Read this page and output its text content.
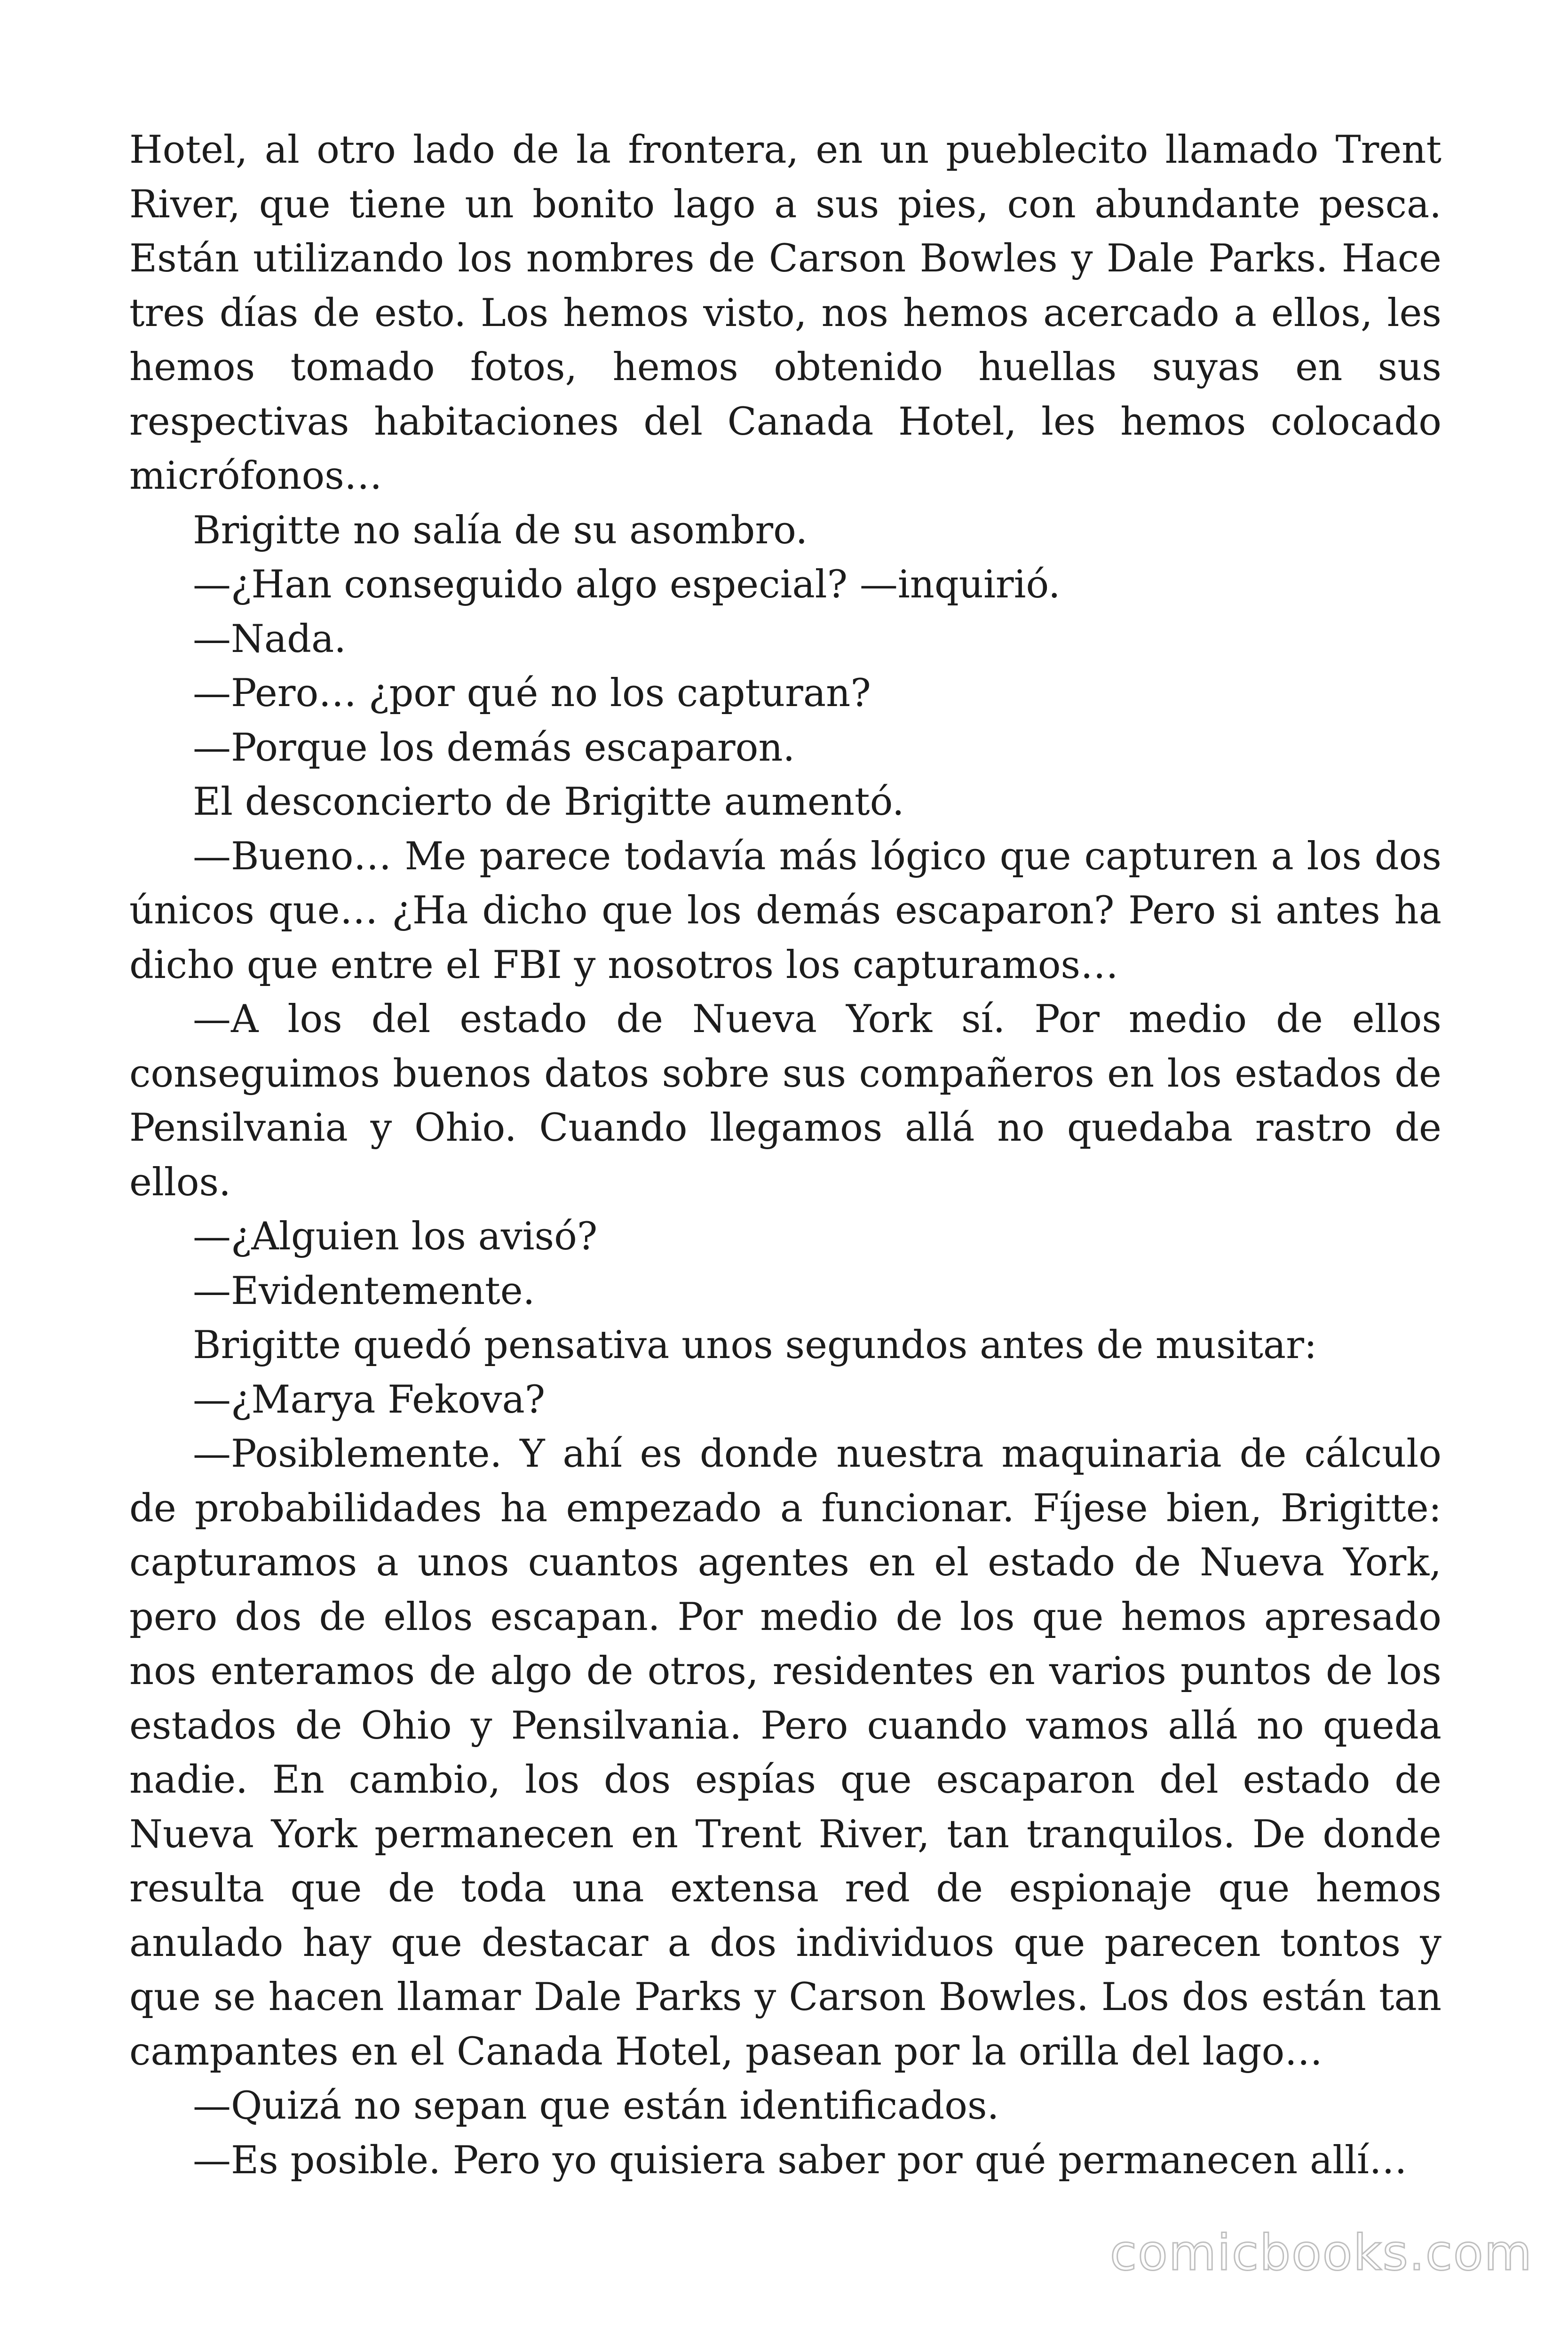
Hotel, al otro lado de la frontera, en un pueblecito llamado Trent River, que tiene un bonito lago a sus pies, con abundante pesca. Están utilizando los nombres de Carson Bowles y Dale Parks. Hace tres días de esto. Los hemos visto, nos hemos acercado a ellos, les hemos tomado fotos, hemos obtenido huellas suyas en sus respectivas habitaciones del Canada Hotel, les hemos colocado micrófonos…

Brigitte no salía de su asombro.

—¿Han conseguido algo especial? —inquirió.

—Nada.

—Pero… ¿por qué no los capturan?

—Porque los demás escaparon.

El desconcierto de Brigitte aumentó.

—Bueno… Me parece todavía más lógico que capturen a los dos únicos que… ¿Ha dicho que los demás escaparon? Pero si antes ha dicho que entre el FBI y nosotros los capturamos…

—A los del estado de Nueva York sí. Por medio de ellos conseguimos buenos datos sobre sus compañeros en los estados de Pensilvania y Ohio. Cuando llegamos allá no quedaba rastro de ellos.

—¿Alguien los avisó?

—Evidentemente.

Brigitte quedó pensativa unos segundos antes de musitar:

—¿Marya Fekova?

—Posiblemente. Y ahí es donde nuestra maquinaria de cálculo de probabilidades ha empezado a funcionar. Fíjese bien, Brigitte: capturamos a unos cuantos agentes en el estado de Nueva York, pero dos de ellos escapan. Por medio de los que hemos apresado nos enteramos de algo de otros, residentes en varios puntos de los estados de Ohio y Pensilvania. Pero cuando vamos allá no queda nadie. En cambio, los dos espías que escaparon del estado de Nueva York permanecen en Trent River, tan tranquilos. De donde resulta que de toda una extensa red de espionaje que hemos anulado hay que destacar a dos individuos que parecen tontos y que se hacen llamar Dale Parks y Carson Bowles. Los dos están tan campantes en el Canada Hotel, pasean por la orilla del lago…

—Quizá no sepan que están identificados.

—Es posible. Pero yo quisiera saber por qué permanecen allí…

comicbooks.com
